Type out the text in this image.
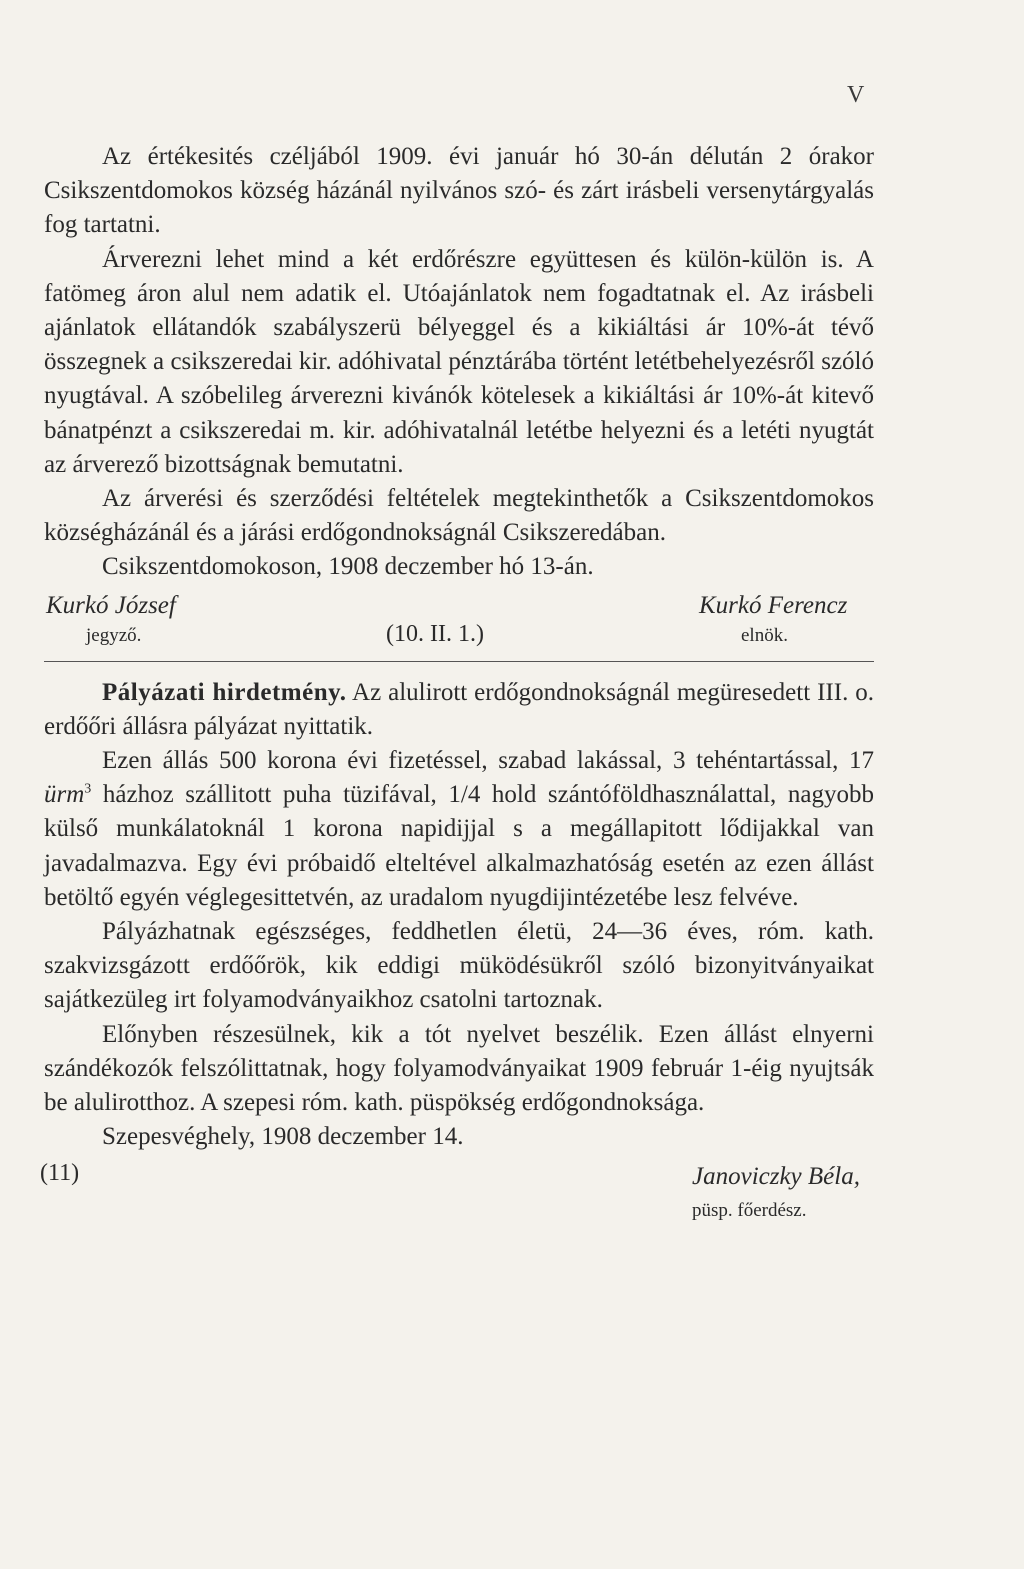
V

Az értékesités czéljából 1909. évi január hó 30-án délután 2 órakor Csikszentdomokos község házánál nyilvános szó- és zárt irásbeli versenytárgyalás fog tartatni.

Árverezni lehet mind a két erdőrészre együttesen és külön-külön is. A fatömeg áron alul nem adatik el. Utóajánlatok nem fogadtatnak el. Az irásbeli ajánlatok ellátandók szabályszerü bélyeggel és a kikiáltási ár 10%-át tévő összegnek a csikszeredai kir. adóhivatal pénztárába történt letétbehelyezésről szóló nyugtával. A szóbelileg árverezni kivánók kötelesek a kikiáltási ár 10%-át kitevő bánatpénzt a csikszeredai m. kir. adóhivatalnál letétbe helyezni és a letéti nyugtát az árverező bizottságnak bemutatni.

Az árverési és szerződési feltételek megtekinthetők a Csikszentdomokos községházánál és a járási erdőgondnokságnál Csikszeredában.

Csikszentdomokoson, 1908 deczember hó 13-án.

Kurkó József
jegyző.	(10. II. 1.)
Kurkó Ferencz
elnök.

Pályázati hirdetmény. Az alulirott erdőgondnokságnál megüresedett III. o. erdőőri állásra pályázat nyittatik.

Ezen állás 500 korona évi fizetéssel, szabad lakással, 3 tehéntartással, 17 ürm$^3$ házhoz szállitott puha tüzifával, 1/4 hold szántóföldhasználattal, nagyobb külső munkálatoknál 1 korona napidijjal s a megállapitott lődijakkal van javadalmazva. Egy évi próbaidő elteltével alkalmazhatóság esetén az ezen állást betöltő egyén véglegesittetvén, az uradalom nyugdijintézetébe lesz felvéve.

Pályázhatnak egészséges, feddhetlen életü, 24—36 éves, róm. kath. szakvizsgázott erdőőrök, kik eddigi müködésükről szóló bizonyitványaikat sajátkezüleg irt folyamodványaikhoz csatolni tartoznak.

Előnyben részesülnek, kik a tót nyelvet beszélik. Ezen állást elnyerni szándékozók felszólittatnak, hogy folyamodványaikat 1909 február 1-éig nyujtsák be alulirotthoz. A szepesi róm. kath. püspökség erdőgondnoksága.

Szepesvéghely, 1908 deczember 14.

(11)	Janoviczky Béla,
püsp. főerdész.
